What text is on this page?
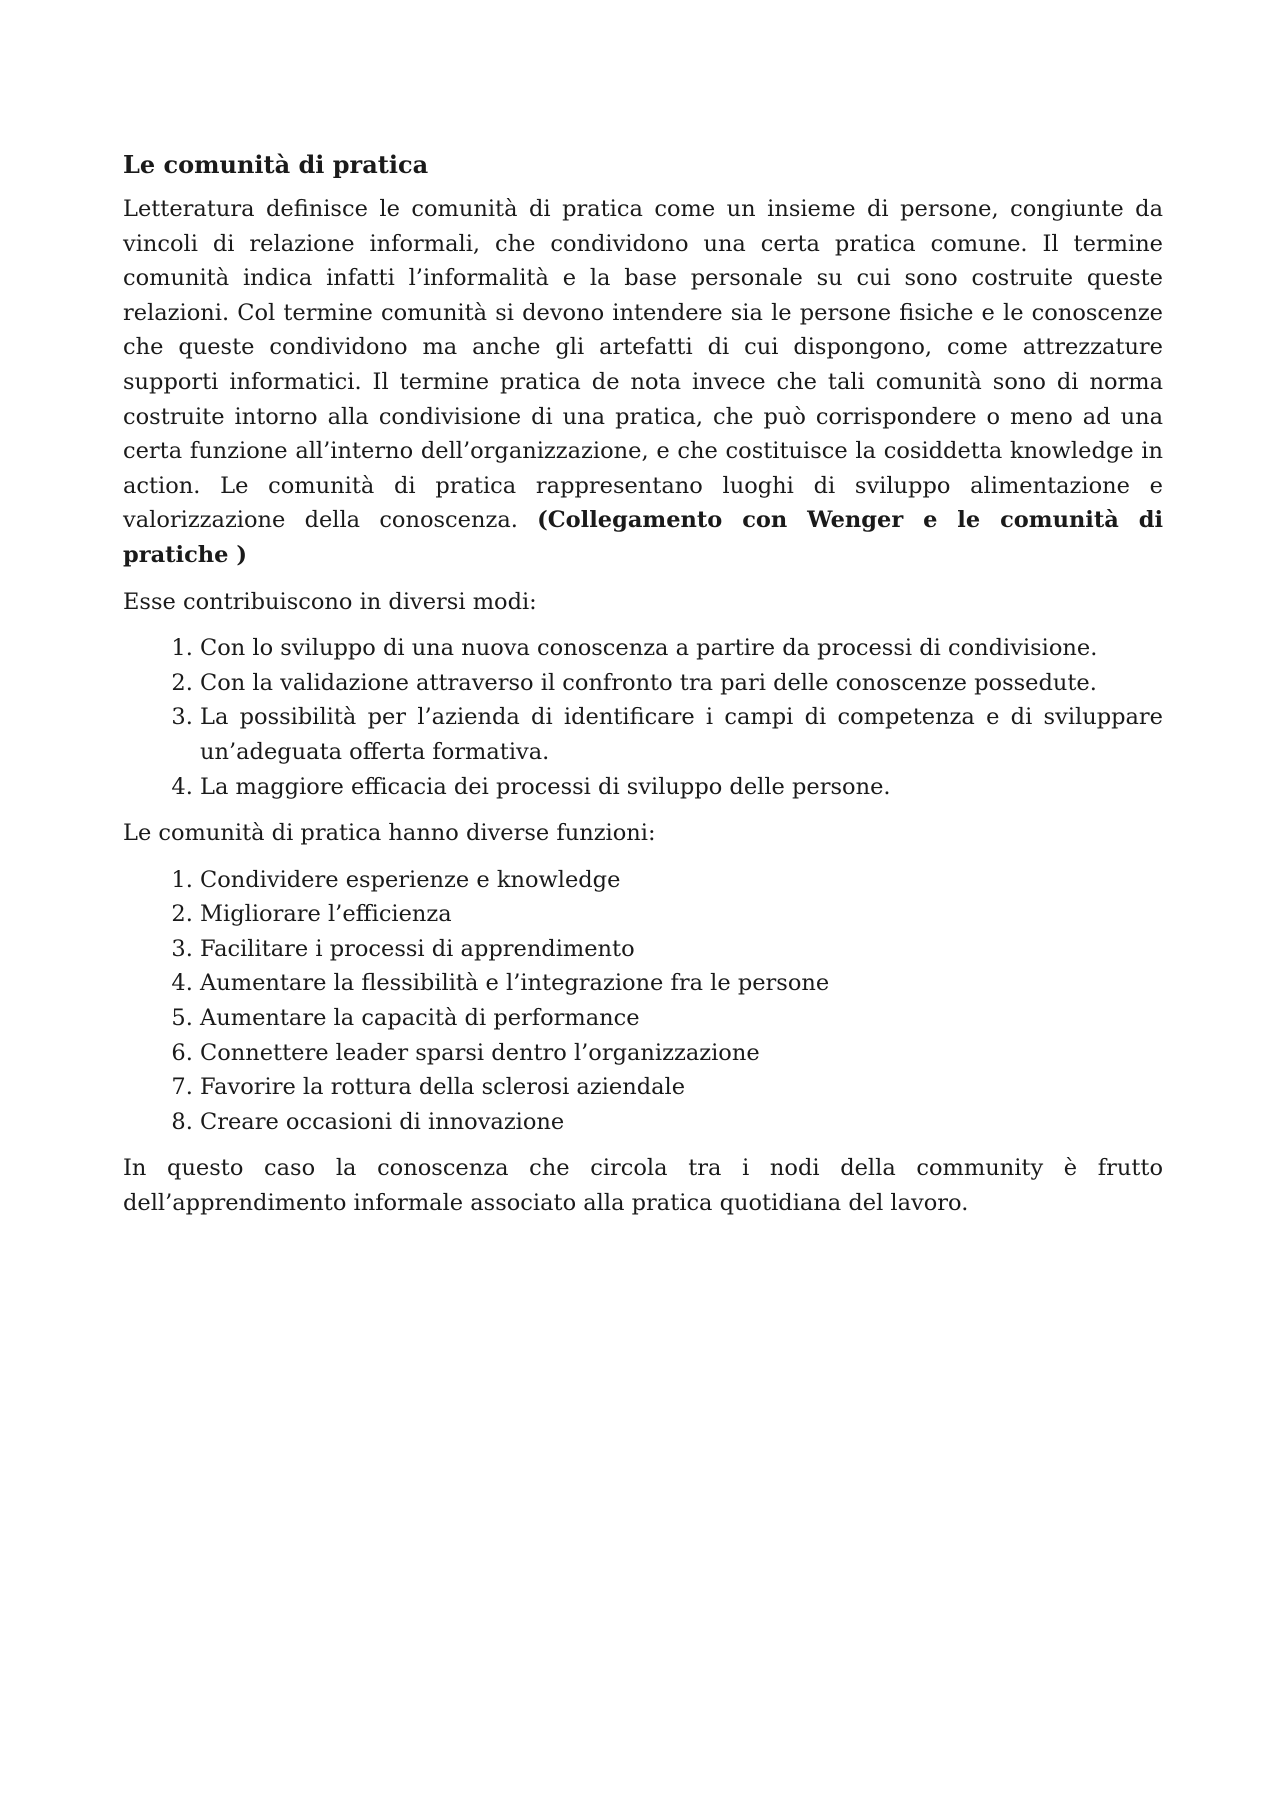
Le comunità di pratica

Letteratura definisce le comunità di pratica come un insieme di persone, congiunte da vincoli di relazione informali, che condividono una certa pratica comune. Il termine comunità indica infatti l’informalità e la base personale su cui sono costruite queste relazioni. Col termine comunità si devono intendere sia le persone fisiche e le conoscenze che queste condividono ma anche gli artefatti di cui dispongono, come attrezzature supporti informatici. Il termine pratica de nota invece che tali comunità sono di norma costruite intorno alla condivisione di una pratica, che può corrispondere o meno ad una certa funzione all’interno dell’organizzazione, e che costituisce la cosiddetta knowledge in action. Le comunità di pratica rappresentano luoghi di sviluppo alimentazione e valorizzazione della conoscenza. (Collegamento con Wenger e le comunità di pratiche )

Esse contribuiscono in diversi modi:

1. Con lo sviluppo di una nuova conoscenza a partire da processi di condivisione.
2. Con la validazione attraverso il confronto tra pari delle conoscenze possedute.
3. La possibilità per l’azienda di identificare i campi di competenza e di sviluppare un’adeguata offerta formativa.
4. La maggiore efficacia dei processi di sviluppo delle persone.

Le comunità di pratica hanno diverse funzioni:

1. Condividere esperienze e knowledge
2. Migliorare l’efficienza
3. Facilitare i processi di apprendimento
4. Aumentare la flessibilità e l’integrazione fra le persone
5. Aumentare la capacità di performance
6. Connettere leader sparsi dentro l’organizzazione
7. Favorire la rottura della sclerosi aziendale
8. Creare occasioni di innovazione

In questo caso la conoscenza che circola tra i nodi della community è frutto dell’apprendimento informale associato alla pratica quotidiana del lavoro.
